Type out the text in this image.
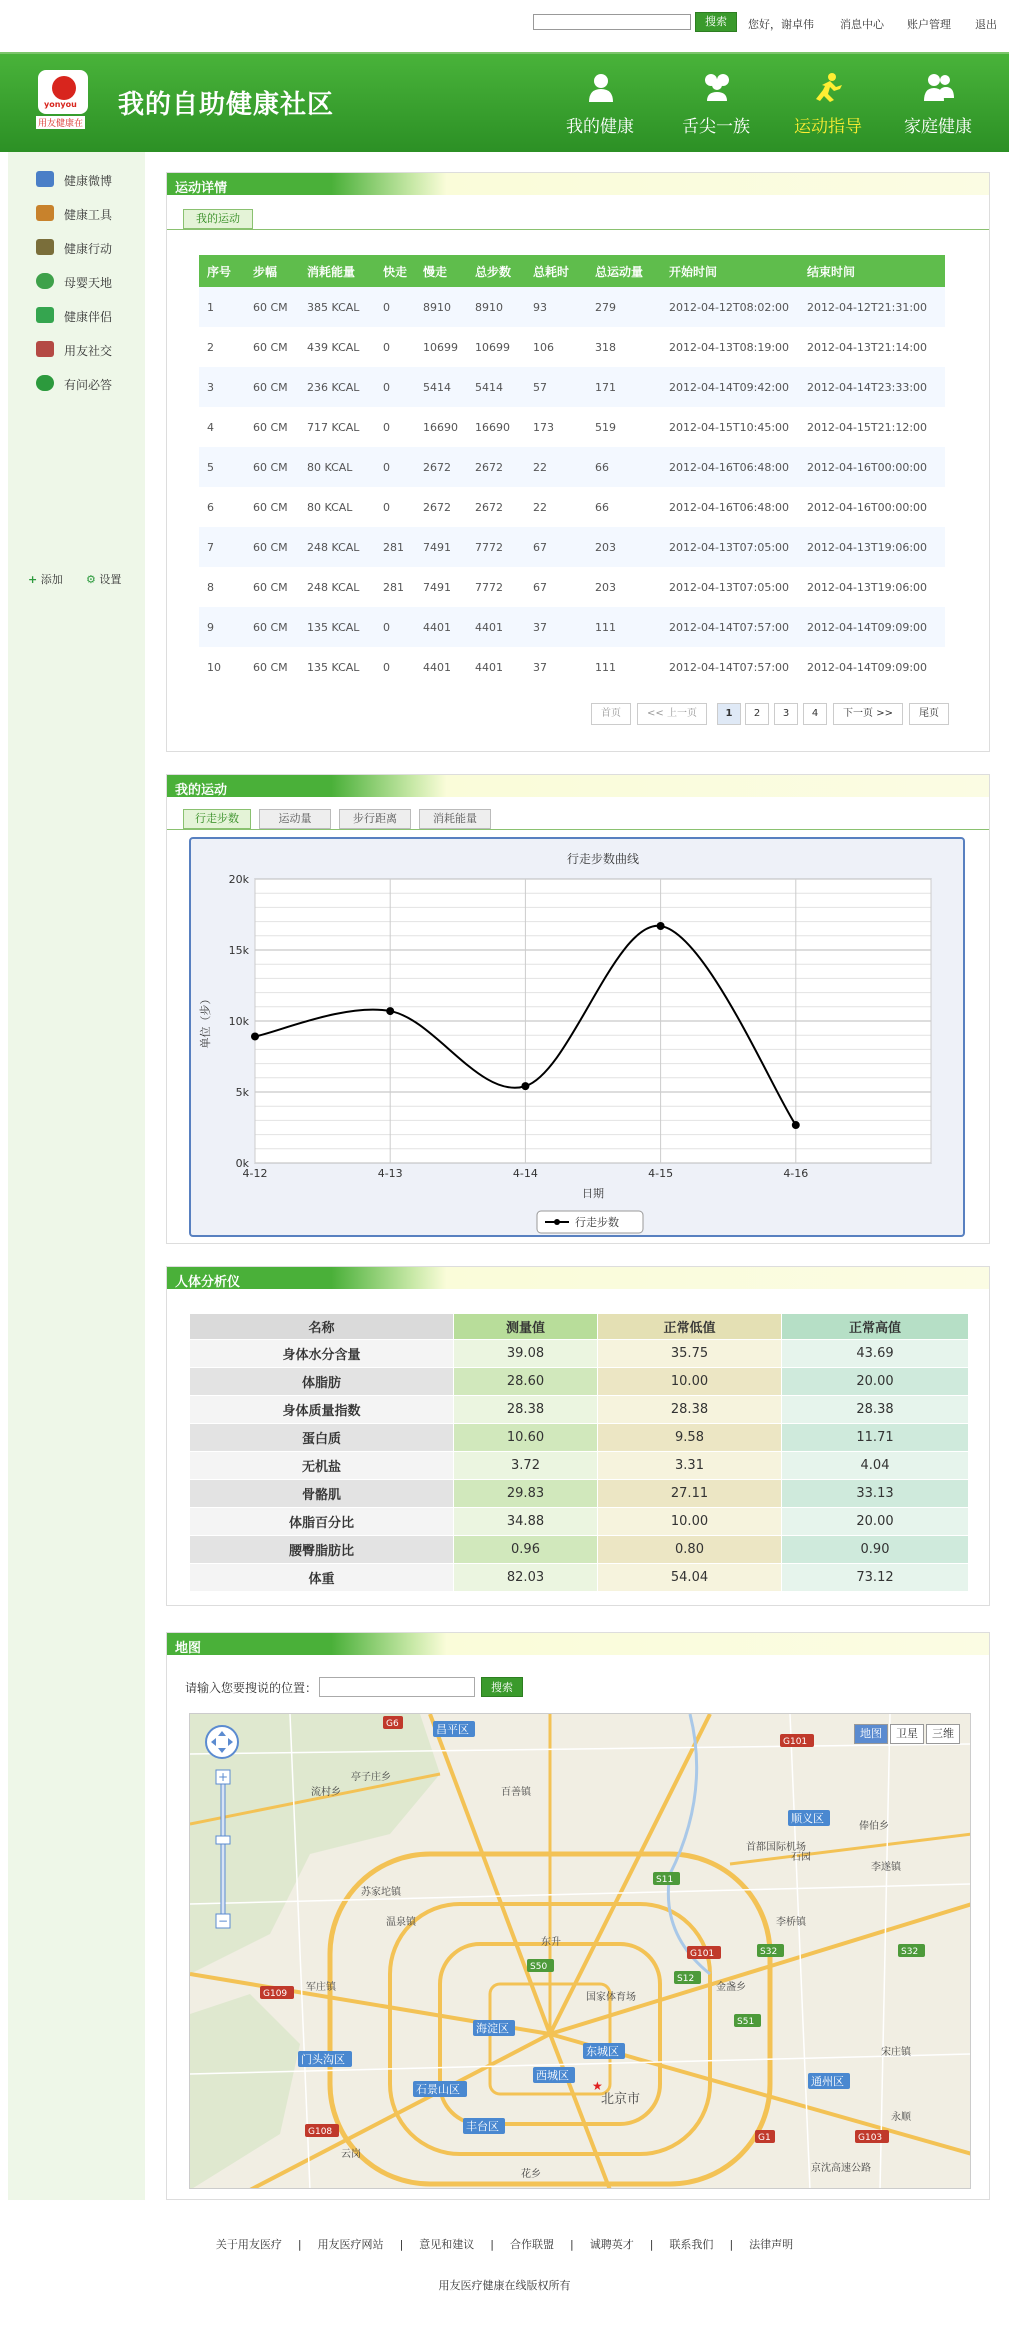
搜索	您好，谢卓伟 消息中心 账户管理 退出
yonyou
用友健康在
我的自助健康社区
我的健康	舌尖一族	运动指导	家庭健康
健康微博
健康工具
健康行动
母婴天地
健康伴侣
用友社交
有问必答
+ 添加 ⚙ 设置
运动详情
我的运动
序号	步幅	消耗能量	快走	慢走	总步数	总耗时	总运动量	开始时间	结束时间
1	60 CM	385 KCAL	0	8910	8910	93	279	2012-04-12T08:02:00	2012-04-12T21:31:00
2	60 CM	439 KCAL	0	10699	10699	106	318	2012-04-13T08:19:00	2012-04-13T21:14:00
3	60 CM	236 KCAL	0	5414	5414	57	171	2012-04-14T09:42:00	2012-04-14T23:33:00
4	60 CM	717 KCAL	0	16690	16690	173	519	2012-04-15T10:45:00	2012-04-15T21:12:00
5	60 CM	80 KCAL	0	2672	2672	22	66	2012-04-16T06:48:00	2012-04-16T00:00:00
6	60 CM	80 KCAL	0	2672	2672	22	66	2012-04-16T06:48:00	2012-04-16T00:00:00
7	60 CM	248 KCAL	281	7491	7772	67	203	2012-04-13T07:05:00	2012-04-13T19:06:00
8	60 CM	248 KCAL	281	7491	7772	67	203	2012-04-13T07:05:00	2012-04-13T19:06:00
9	60 CM	135 KCAL	0	4401	4401	37	111	2012-04-14T07:57:00	2012-04-14T09:09:00
10	60 CM	135 KCAL	0	4401	4401	37	111	2012-04-14T07:57:00	2012-04-14T09:09:00
首页	<< 上一页	1	2	3	4	下一页 >>	尾页
我的运动
行走步数	运动量	步行距离	消耗能量
行走步数曲线
0k
5k
10k
15k
20k
4-12	4-13	4-14	4-15	4-16
日期
单位（步）
行走步数
人体分析仪
名称	测量值	正常低值	正常高值
身体水分含量	39.08	35.75	43.69
体脂肪	28.60	10.00	20.00
身体质量指数	28.38	28.38	28.38
蛋白质	10.60	9.58	11.71
无机盐	3.72	3.31	4.04
骨骼肌	29.83	27.11	33.13
体脂百分比	34.88	10.00	20.00
腰臀脂肪比	0.96	0.80	0.90
体重	82.03	54.04	73.12
地图
请输入您要搜说的位置：	搜索
+
−
昌平区
顺义区
海淀区
门头沟区
东城区
西城区
石景山区
丰台区
通州区
北京市
首都国际机场
百善镇
流村乡
亭子庄乡
苏家坨镇
温泉镇
东升
国家体育场
金盏乡
军庄镇
李桥镇
石园
李遂镇
宋庄镇
永顺
云岗
花乡
京沈高速公路
俸伯乡
G6
G101
G109
S50
G101	S32
S12
S51
G108
G1	G103
S11
S32
★
地图	卫星	三维
关于用友医疗 | 用友医疗网站 | 意见和建议 | 合作联盟 | 诚聘英才 | 联系我们 | 法律声明
用友医疗健康在线版权所有
